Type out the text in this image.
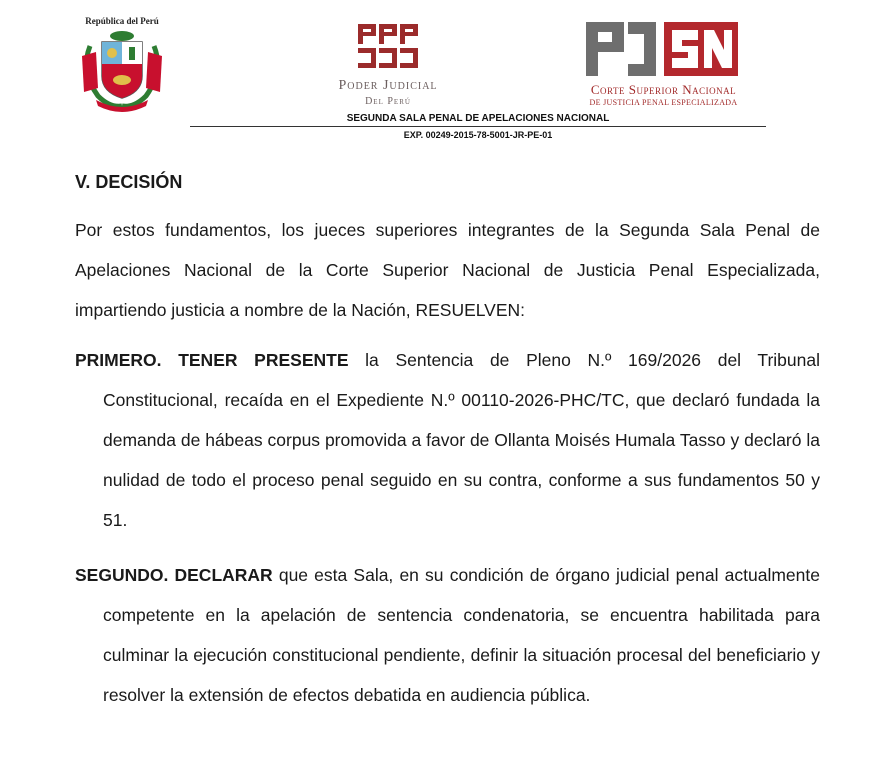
República del Perú
Poder Judicial
Del Perú
Corte Superior Nacional
DE JUSTICIA PENAL ESPECIALIZADA
SEGUNDA SALA PENAL DE APELACIONES NACIONAL
EXP. 00249-2015-78-5001-JR-PE-01
V. DECISIÓN
Por estos fundamentos, los jueces superiores integrantes de la Segunda Sala Penal de Apelaciones Nacional de la Corte Superior Nacional de Justicia Penal Especializada, impartiendo justicia a nombre de la Nación, RESUELVEN:
PRIMERO. TENER PRESENTE la Sentencia de Pleno N.º 169/2026 del Tribunal Constitucional, recaída en el Expediente N.º 00110-2026-PHC/TC, que declaró fundada la demanda de hábeas corpus promovida a favor de Ollanta Moisés Humala Tasso y declaró la nulidad de todo el proceso penal seguido en su contra, conforme a sus fundamentos 50 y 51.
SEGUNDO. DECLARAR que esta Sala, en su condición de órgano judicial penal actualmente competente en la apelación de sentencia condenatoria, se encuentra habilitada para culminar la ejecución constitucional pendiente, definir la situación procesal del beneficiario y resolver la extensión de efectos debatida en audiencia pública.
